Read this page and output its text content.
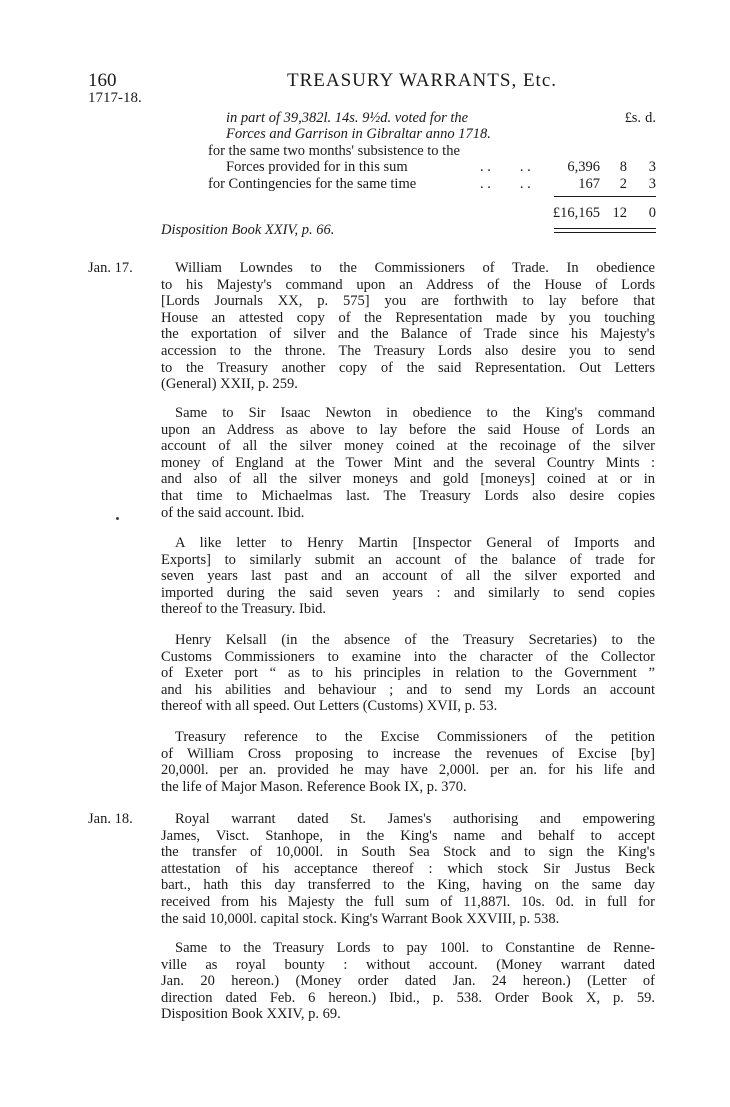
160	TREASURY WARRANTS, Etc.
1717-18.
in part of 39,382l. 14s. 9½d. voted for the
Forces and Garrison in Gibraltar anno 1718.
£ s. d.
for the same two months' subsistence to the
Forces provided for in this sum	. .        . .	6,396	8	3
for Contingencies for the same time	. .        . .	167	2	3
£16,165 12	0
Disposition Book XXIV, p. 66.
Jan. 17.	William Lowndes to the Commissioners of Trade. In obedience
to his Majesty's command upon an Address of the House of Lords
[Lords Journals XX, p. 575] you are forthwith to lay before that
House an attested copy of the Representation made by you touching
the exportation of silver and the Balance of Trade since his Majesty's
accession to the throne. The Treasury Lords also desire you to send
to the Treasury another copy of the said Representation. Out Letters
(General) XXII, p. 259.
Same to Sir Isaac Newton in obedience to the King's command
upon an Address as above to lay before the said House of Lords an
account of all the silver money coined at the recoinage of the silver
money of England at the Tower Mint and the several Country Mints :
and also of all the silver moneys and gold [moneys] coined at or in
that time to Michaelmas last. The Treasury Lords also desire copies
of the said account. Ibid.
A like letter to Henry Martin [Inspector General of Imports and
Exports] to similarly submit an account of the balance of trade for
seven years last past and an account of all the silver exported and
imported during the said seven years : and similarly to send copies
thereof to the Treasury. Ibid.
Henry Kelsall (in the absence of the Treasury Secretaries) to the
Customs Commissioners to examine into the character of the Collector
of Exeter port “ as to his principles in relation to the Government ”
and his abilities and behaviour ; and to send my Lords an account
thereof with all speed. Out Letters (Customs) XVII, p. 53.
Treasury reference to the Excise Commissioners of the petition
of William Cross proposing to increase the revenues of Excise [by]
20,000l. per an. provided he may have 2,000l. per an. for his life and
the life of Major Mason. Reference Book IX, p. 370.
Jan. 18.	Royal warrant dated St. James's authorising and empowering
James, Visct. Stanhope, in the King's name and behalf to accept
the transfer of 10,000l. in South Sea Stock and to sign the King's
attestation of his acceptance thereof : which stock Sir Justus Beck
bart., hath this day transferred to the King, having on the same day
received from his Majesty the full sum of 11,887l. 10s. 0d. in full for
the said 10,000l. capital stock. King's Warrant Book XXVIII, p. 538.
Same to the Treasury Lords to pay 100l. to Constantine de Renne-
ville as royal bounty : without account. (Money warrant dated
Jan. 20 hereon.) (Money order dated Jan. 24 hereon.) (Letter of
direction dated Feb. 6 hereon.) Ibid., p. 538. Order Book X, p. 59.
Disposition Book XXIV, p. 69.
